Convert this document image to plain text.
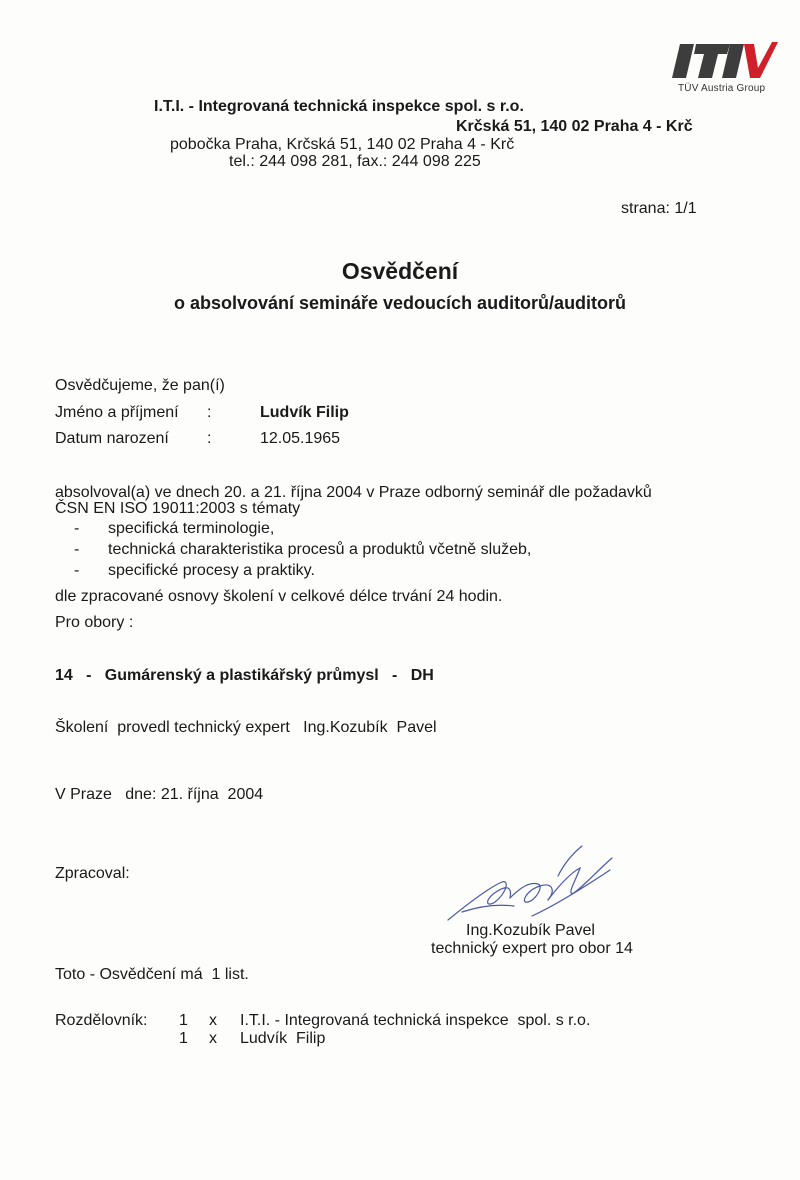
TÜV Austria Group
I.T.I. - Integrovaná technická inspekce spol. s r.o.
Krčská 51, 140 02 Praha 4 - Krč
pobočka Praha, Krčská 51, 140 02 Praha 4 - Krč
tel.: 244 098 281, fax.: 244 098 225
strana: 1/1
Osvědčení
o absolvování semináře vedoucích auditorů/auditorů
Osvědčujeme, že pan(í)
Jméno a příjmení :	Ludvík Filip
Datum narození :	12.05.1965
absolvoval(a) ve dnech 20. a 21. října 2004 v Praze odborný seminář dle požadavků
ČSN EN ISO 19011:2003 s tématy
- specifická terminologie,
- technická charakteristika procesů a produktů včetně služeb,
- specifické procesy a praktiky.
dle zpracované osnovy školení v celkové délce trvání 24 hodin.
Pro obory :
14   -   Gumárenský a plastikářský průmysl   -   DH
Školení  provedl technický expert   Ing.Kozubík  Pavel
V Praze   dne: 21. října  2004
Zpracoval:
Ing.Kozubík Pavel
technický expert pro obor 14
Toto - Osvědčení má  1 list.
Rozdělovník: 1 x I.T.I. - Integrovaná technická inspekce  spol. s r.o.
1 x Ludvík  Filip
